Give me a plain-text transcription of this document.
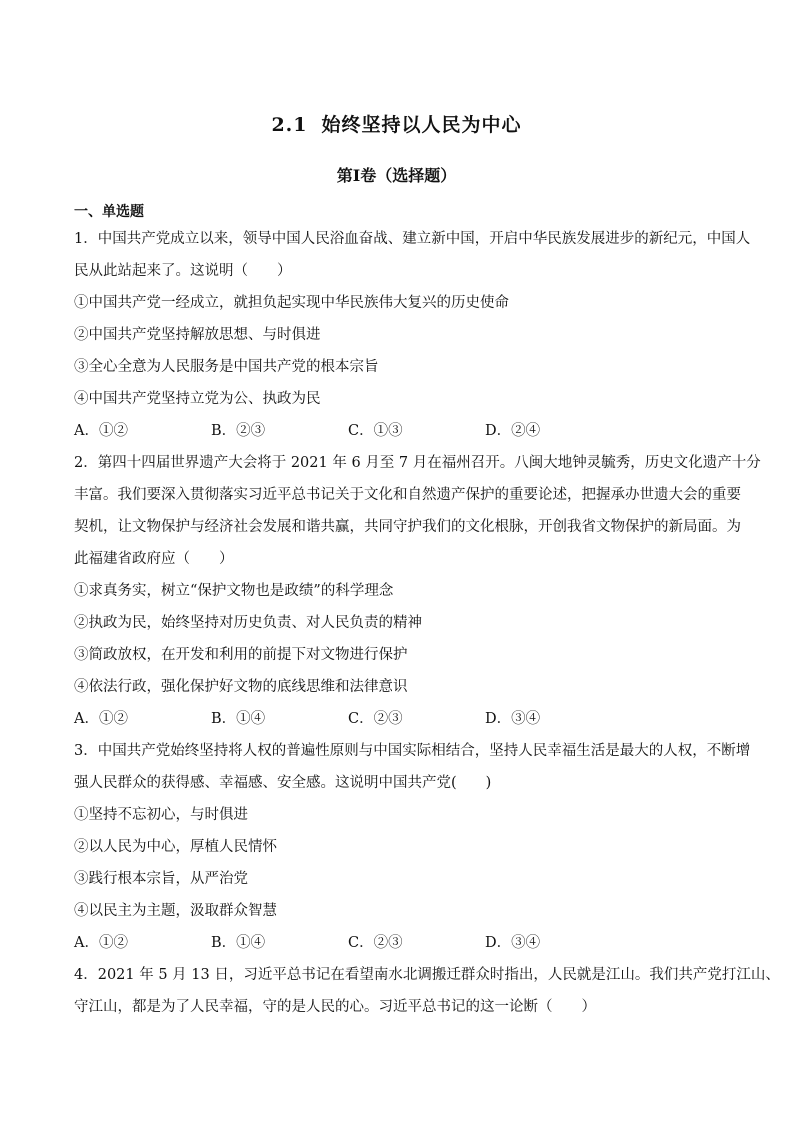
2.1 始终坚持以人民为中心
第Ⅰ卷（选择题）
一、单选题
1．中国共产党成立以来，领导中国人民浴血奋战、建立新中国，开启中华民族发展进步的新纪元，中国人
民从此站起来了。这说明（　　）
①中国共产党一经成立，就担负起实现中华民族伟大复兴的历史使命
②中国共产党坚持解放思想、与时俱进
③全心全意为人民服务是中国共产党的根本宗旨
④中国共产党坚持立党为公、执政为民
A．①②	B．②③	C．①③	D．②④
2．第四十四届世界遗产大会将于 2021 年 6 月至 7 月在福州召开。八闽大地钟灵毓秀，历史文化遗产十分
丰富。我们要深入贯彻落实习近平总书记关于文化和自然遗产保护的重要论述，把握承办世遗大会的重要
契机，让文物保护与经济社会发展和谐共赢，共同守护我们的文化根脉，开创我省文物保护的新局面。为
此福建省政府应（　　）
①求真务实，树立“保护文物也是政绩”的科学理念
②执政为民，始终坚持对历史负责、对人民负责的精神
③简政放权，在开发和利用的前提下对文物进行保护
④依法行政，强化保护好文物的底线思维和法律意识
A．①②	B．①④	C．②③	D．③④
3．中国共产党始终坚持将人权的普遍性原则与中国实际相结合，坚持人民幸福生活是最大的人权，不断增
强人民群众的获得感、幸福感、安全感。这说明中国共产党(　　)
①坚持不忘初心，与时俱进
②以人民为中心，厚植人民情怀
③践行根本宗旨，从严治党
④以民主为主题，汲取群众智慧
A．①②	B．①④	C．②③	D．③④
4．2021 年 5 月 13 日，习近平总书记在看望南水北调搬迁群众时指出，人民就是江山。我们共产党打江山、
守江山，都是为了人民幸福，守的是人民的心。习近平总书记的这一论断（　　）
